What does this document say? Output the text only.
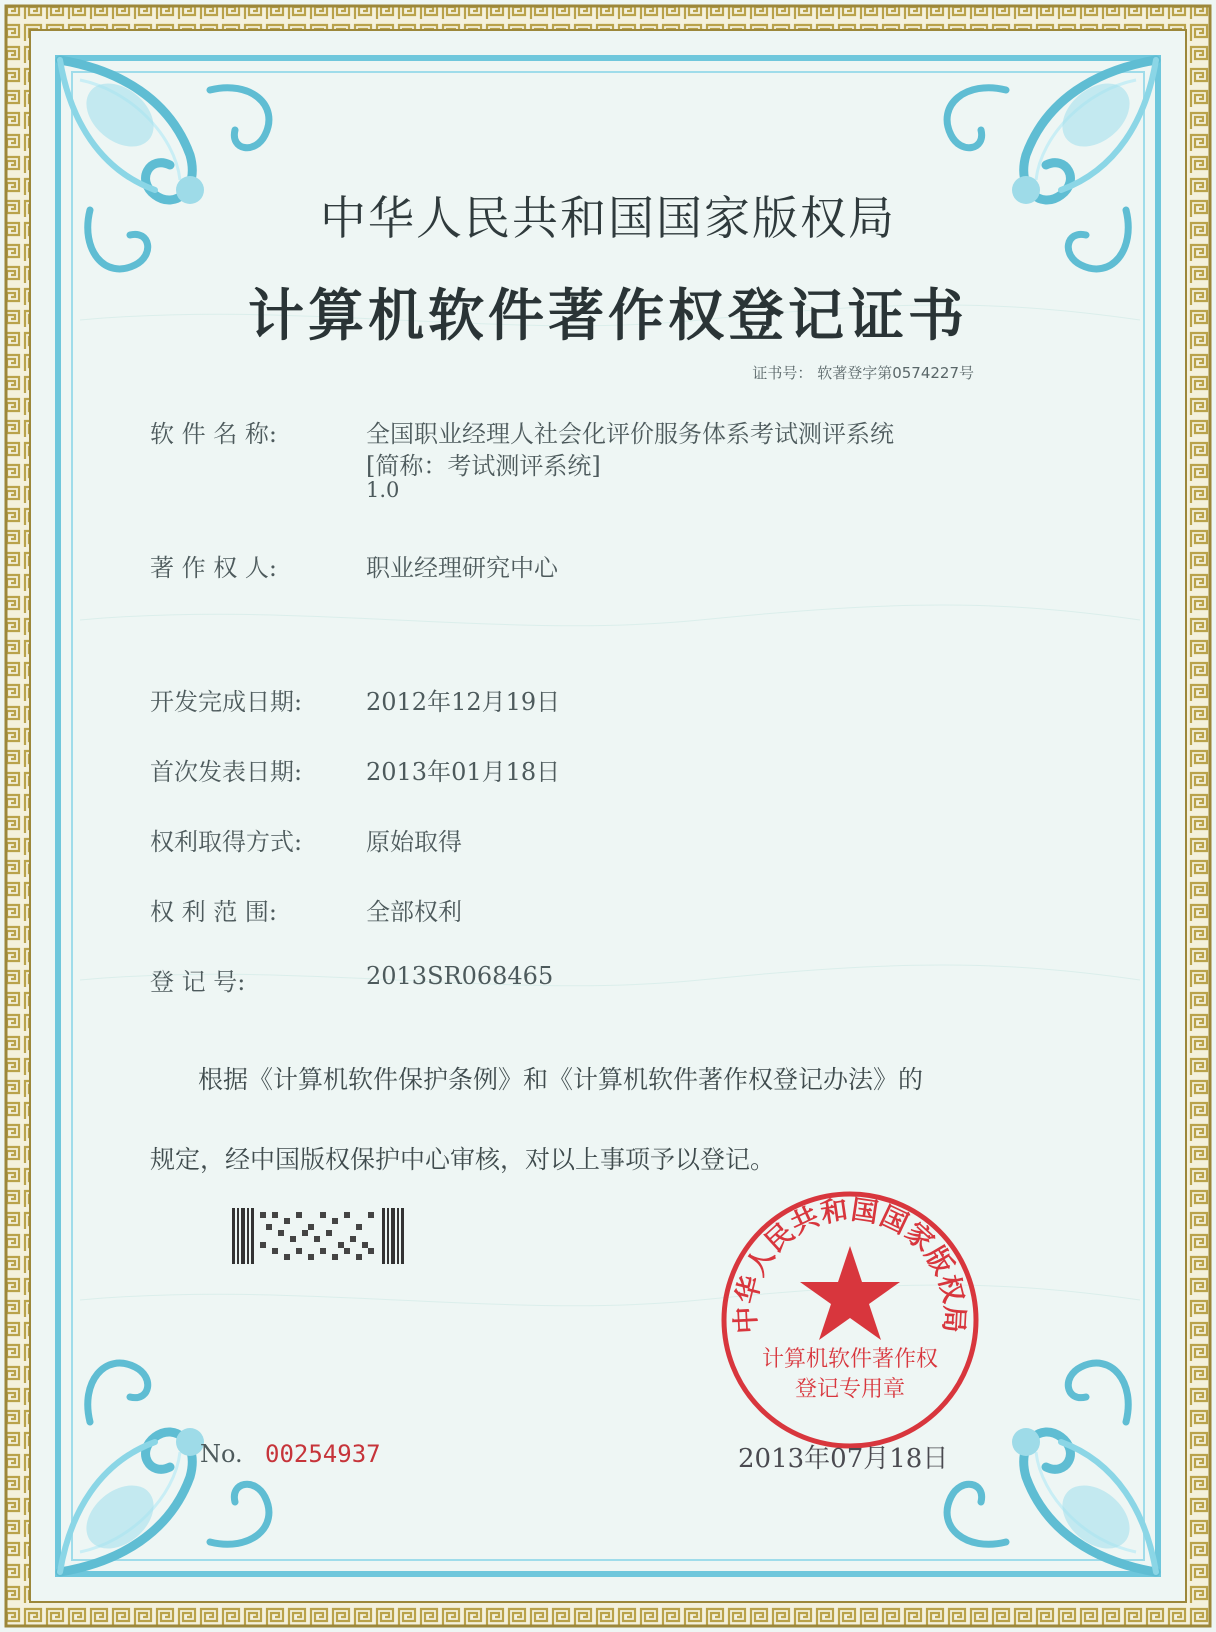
中华人民共和国国家版权局
计算机软件著作权登记证书
证书号： 软著登字第0574227号
软 件 名 称:	全国职业经理人社会化评价服务体系考试测评系统
[简称：考试测评系统]
1.0
著 作 权 人:	职业经理研究中心
开发完成日期:	2012年12月19日
首次发表日期:	2013年01月18日
权利取得方式:	原始取得
权 利 范 围:	全部权利
登 记 号:	2013SR068465
根据《计算机软件保护条例》和《计算机软件著作权登记办法》的
规定，经中国版权保护中心审核，对以上事项予以登记。
中华人民共和国国家版权局
计算机软件著作权
登记专用章
No. 00254937	2013年07月18日
